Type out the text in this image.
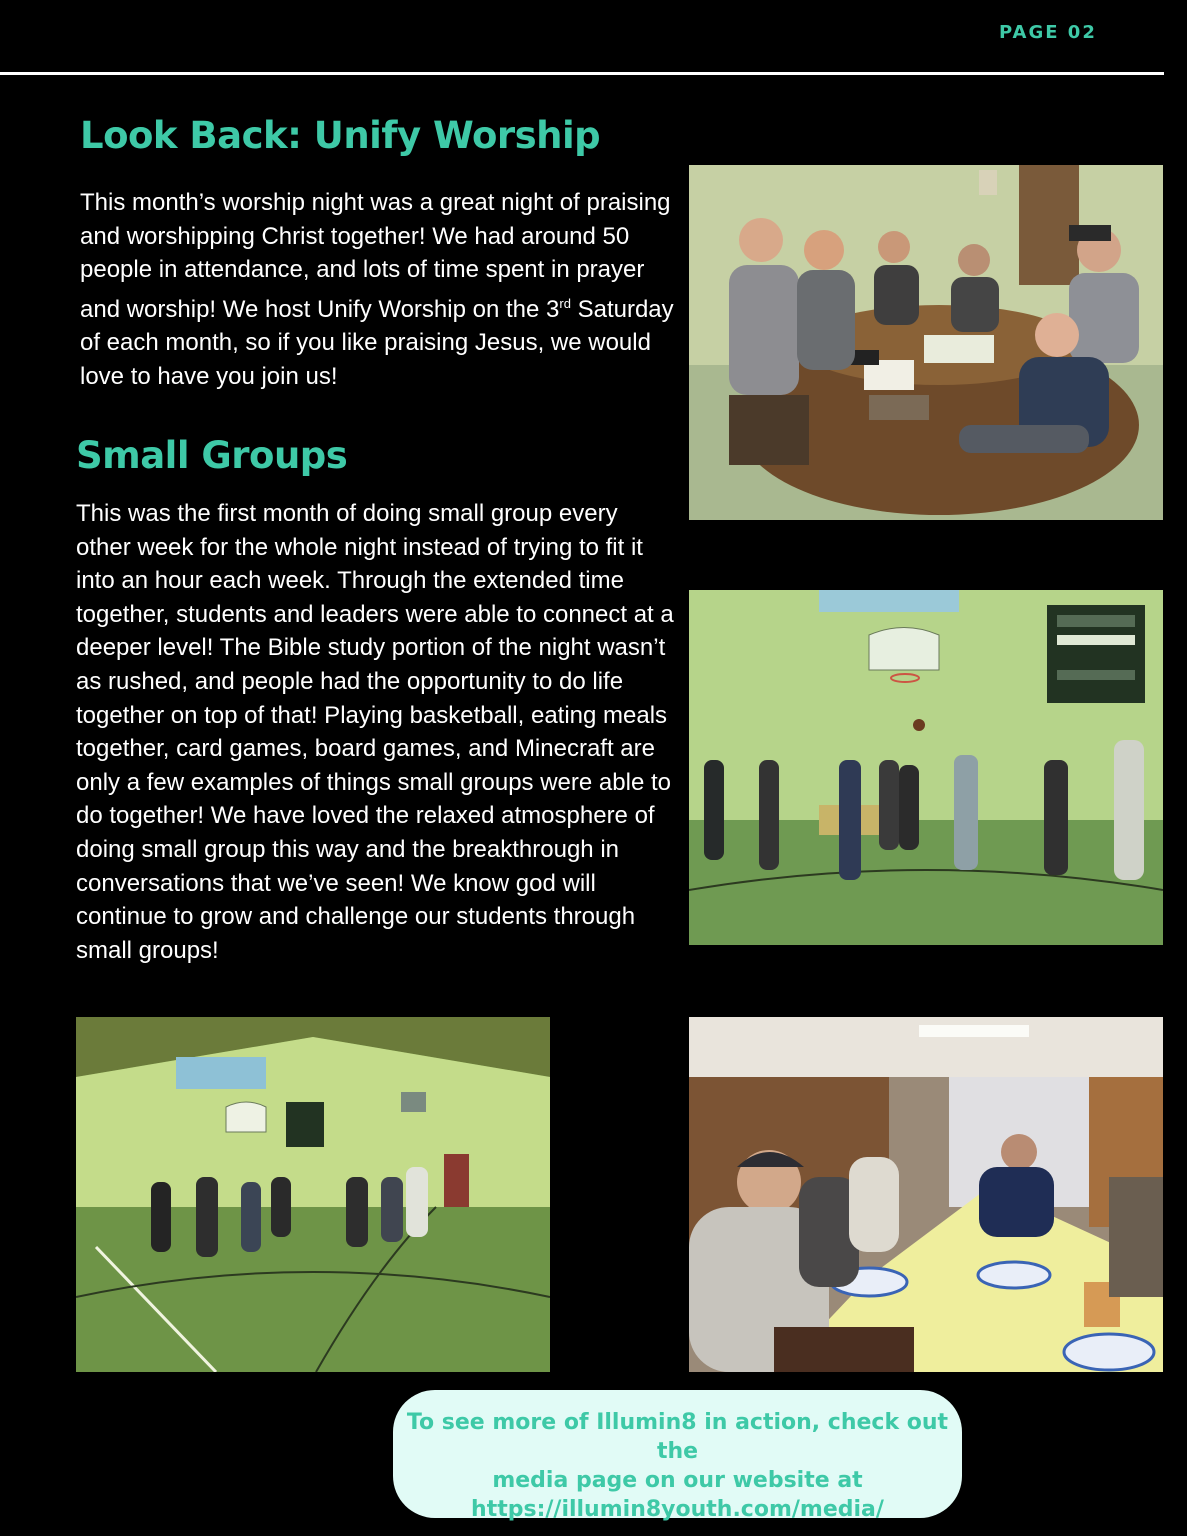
PAGE 02
Look Back: Unify Worship

This month’s worship night was a great night of praising and worshipping Christ together! We had around 50 people in attendance, and lots of time spent in prayer and worship! We host Unify Worship on the 3rd Saturday of each month, so if you like praising Jesus, we would love to have you join us!

Small Groups

This was the first month of doing small group every other week for the whole night instead of trying to fit it into an hour each week. Through the extended time together, students and leaders were able to connect at a deeper level! The Bible study portion of the night wasn’t as rushed, and people had the opportunity to do life together on top of that! Playing basketball, eating meals together, card games, board games, and Minecraft are only a few examples of things small groups were able to do together! We have loved the relaxed atmosphere of doing small group this way and the breakthrough in conversations that we’ve seen! We know god will continue to grow and challenge our students through small groups!

To see more of Illumin8 in action, check out the
media page on our website at
https://illumin8youth.com/media/
